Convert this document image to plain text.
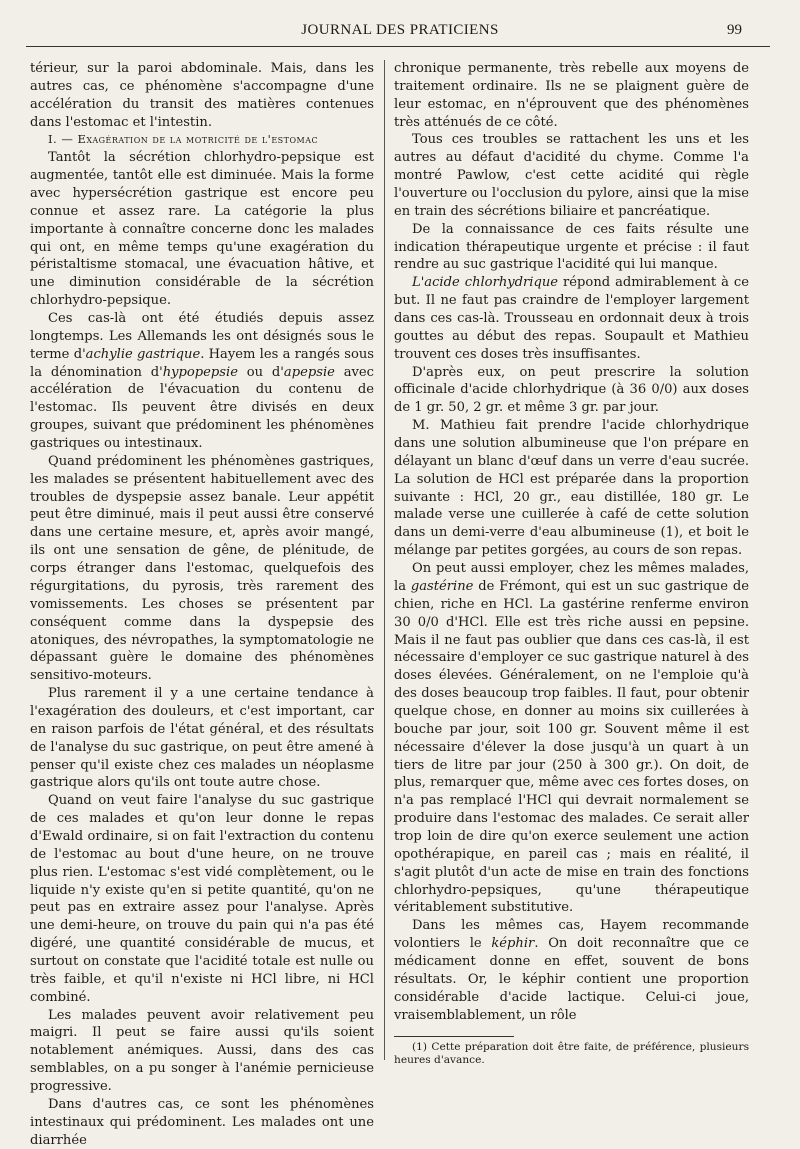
JOURNAL DES PRATICIENS	99

térieur, sur la paroi abdominale. Mais, dans les autres cas, ce phénomène s'accompagne d'une accélération du transit des matières contenues dans l'estomac et l'intestin.

I. — Exagération de la motricité de l'estomac

Tantôt la sécrétion chlorhydro-pepsique est augmentée, tantôt elle est diminuée. Mais la forme avec hypersécrétion gastrique est encore peu connue et assez rare. La catégorie la plus importante à connaître concerne donc les malades qui ont, en même temps qu'une exagération du péristaltisme stomacal, une évacuation hâtive, et une diminution considérable de la sécrétion chlorhydro-pepsique.

Ces cas-là ont été étudiés depuis assez longtemps. Les Allemands les ont désignés sous le terme d'achylie gastrique. Hayem les a rangés sous la dénomination d'hypopepsie ou d'apepsie avec accélération de l'évacuation du contenu de l'estomac. Ils peuvent être divisés en deux groupes, suivant que prédominent les phénomènes gastriques ou intestinaux.

Quand prédominent les phénomènes gastriques, les malades se présentent habituellement avec des troubles de dyspepsie assez banale. Leur appétit peut être diminué, mais il peut aussi être conservé dans une certaine mesure, et, après avoir mangé, ils ont une sensation de gêne, de plénitude, de corps étranger dans l'estomac, quelquefois des régurgitations, du pyrosis, très rarement des vomissements. Les choses se présentent par conséquent comme dans la dyspepsie des atoniques, des névropathes, la symptomatologie ne dépassant guère le domaine des phénomènes sensitivo-moteurs.

Plus rarement il y a une certaine tendance à l'exagération des douleurs, et c'est important, car en raison parfois de l'état général, et des résultats de l'analyse du suc gastrique, on peut être amené à penser qu'il existe chez ces malades un néoplasme gastrique alors qu'ils ont toute autre chose.

Quand on veut faire l'analyse du suc gastrique de ces malades et qu'on leur donne le repas d'Ewald ordinaire, si on fait l'extraction du contenu de l'estomac au bout d'une heure, on ne trouve plus rien. L'estomac s'est vidé complètement, ou le liquide n'y existe qu'en si petite quantité, qu'on ne peut pas en extraire assez pour l'analyse. Après une demi-heure, on trouve du pain qui n'a pas été digéré, une quantité considérable de mucus, et surtout on constate que l'acidité totale est nulle ou très faible, et qu'il n'existe ni HCl libre, ni HCl combiné.

Les malades peuvent avoir relativement peu maigri. Il peut se faire aussi qu'ils soient notablement anémiques. Aussi, dans des cas semblables, on a pu songer à l'anémie pernicieuse progressive.

Dans d'autres cas, ce sont les phénomènes intestinaux qui prédominent. Les malades ont une diarrhée

chronique permanente, très rebelle aux moyens de traitement ordinaire. Ils ne se plaignent guère de leur estomac, en n'éprouvent que des phénomènes très atténués de ce côté.

Tous ces troubles se rattachent les uns et les autres au défaut d'acidité du chyme. Comme l'a montré Pawlow, c'est cette acidité qui règle l'ouverture ou l'occlusion du pylore, ainsi que la mise en train des sécrétions biliaire et pancréatique.

De la connaissance de ces faits résulte une indication thérapeutique urgente et précise : il faut rendre au suc gastrique l'acidité qui lui manque.

L'acide chlorhydrique répond admirablement à ce but. Il ne faut pas craindre de l'employer largement dans ces cas-là. Trousseau en ordonnait deux à trois gouttes au début des repas. Soupault et Mathieu trouvent ces doses très insuffisantes.

D'après eux, on peut prescrire la solution officinale d'acide chlorhydrique (à 36 0/0) aux doses de 1 gr. 50, 2 gr. et même 3 gr. par jour.

M. Mathieu fait prendre l'acide chlorhydrique dans une solution albumineuse que l'on prépare en délayant un blanc d'œuf dans un verre d'eau sucrée. La solution de HCl est préparée dans la proportion suivante : HCl, 20 gr., eau distillée, 180 gr. Le malade verse une cuillerée à café de cette solution dans un demi-verre d'eau albumineuse (1), et boit le mélange par petites gorgées, au cours de son repas.

On peut aussi employer, chez les mêmes malades, la gastérine de Frémont, qui est un suc gastrique de chien, riche en HCl. La gastérine renferme environ 30 0/0 d'HCl. Elle est très riche aussi en pepsine. Mais il ne faut pas oublier que dans ces cas-là, il est nécessaire d'employer ce suc gastrique naturel à des doses élevées. Généralement, on ne l'emploie qu'à des doses beaucoup trop faibles. Il faut, pour obtenir quelque chose, en donner au moins six cuillerées à bouche par jour, soit 100 gr. Souvent même il est nécessaire d'élever la dose jusqu'à un quart à un tiers de litre par jour (250 à 300 gr.). On doit, de plus, remarquer que, même avec ces fortes doses, on n'a pas remplacé l'HCl qui devrait normalement se produire dans l'estomac des malades. Ce serait aller trop loin de dire qu'on exerce seulement une action opothérapique, en pareil cas ; mais en réalité, il s'agit plutôt d'un acte de mise en train des fonctions chlorhydro-pepsiques, qu'une thérapeutique véritablement substitutive.

Dans les mêmes cas, Hayem recommande volontiers le képhir. On doit reconnaître que ce médicament donne en effet, souvent de bons résultats. Or, le képhir contient une proportion considérable d'acide lactique. Celui-ci joue, vraisemblablement, un rôle

(1) Cette préparation doit être faite, de préférence, plusieurs heures d'avance.
